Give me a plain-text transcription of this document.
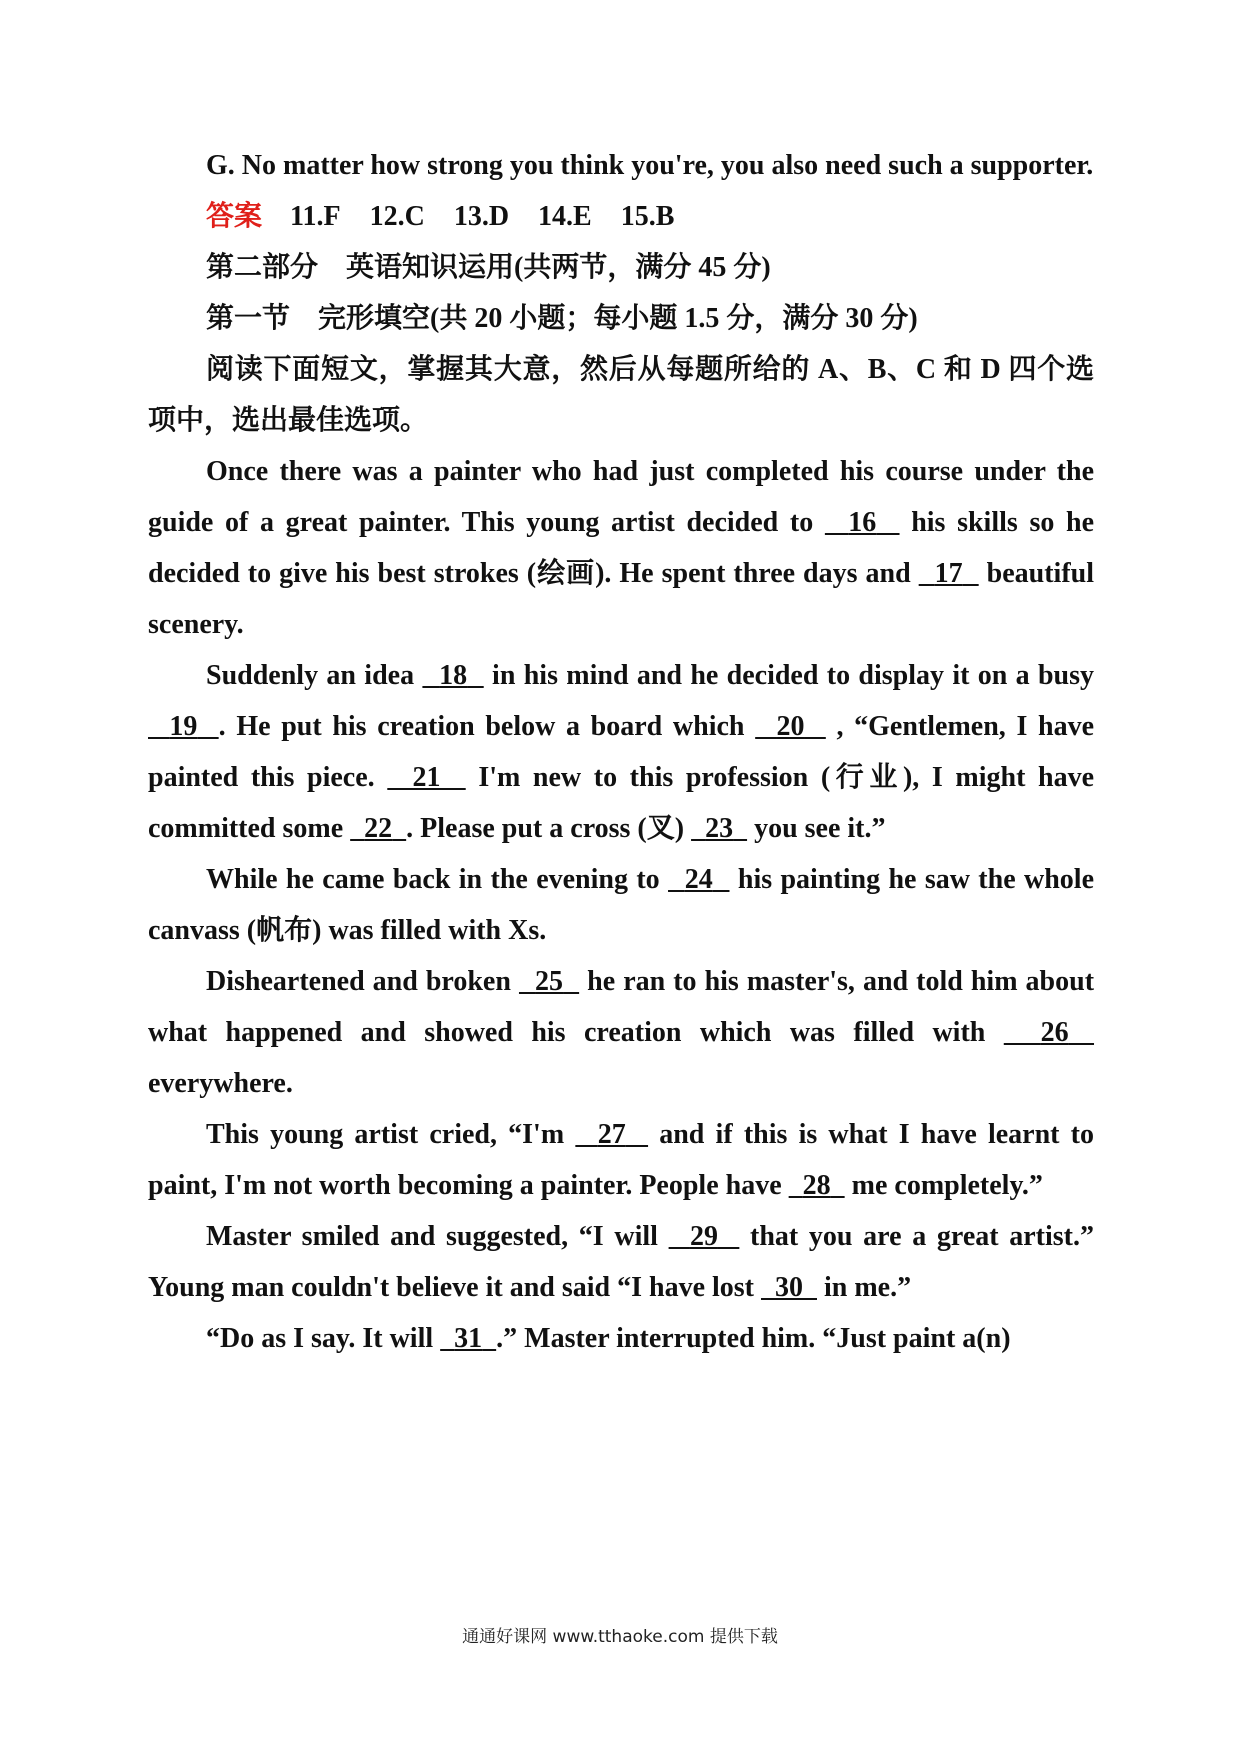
G. No matter how strong you think you're, you also need such a supporter.

答案 11.F 12.C 13.D 14.E 15.B

第二部分　英语知识运用(共两节，满分 45 分)

第一节　完形填空(共 20 小题；每小题 1.5 分，满分 30 分)

阅读下面短文，掌握其大意，然后从每题所给的 A、B、C 和 D 四个选项中，选出最佳选项。

Once there was a painter who had just completed his course under the guide of a great painter. This young artist decided to   16   his skills so he decided to give his best strokes (绘画). He spent three days and   17   beautiful scenery.

Suddenly an idea   18   in his mind and he decided to display it on a busy   19 . He put his creation below a board which   20   , “Gentlemen, I have painted this piece.   21   I'm new to this profession (行业), I might have committed some   22 . Please put a cross (叉)   23   you see it.”

While he came back in the evening to   24   his painting he saw the whole canvass (帆布) was filled with Xs.

Disheartened and broken   25   he ran to his master's, and told him about what happened and showed his creation which was filled with   26   everywhere.

This young artist cried, “I'm   27   and if this is what I have learnt to paint, I'm not worth becoming a painter. People have   28   me completely.”

Master smiled and suggested, “I will   29   that you are a great artist.” Young man couldn't believe it and said “I have lost   30   in me.”

“Do as I say. It will   31 .” Master interrupted him. “Just paint a(n)

通通好课网 www.tthaoke.com 提供下载
